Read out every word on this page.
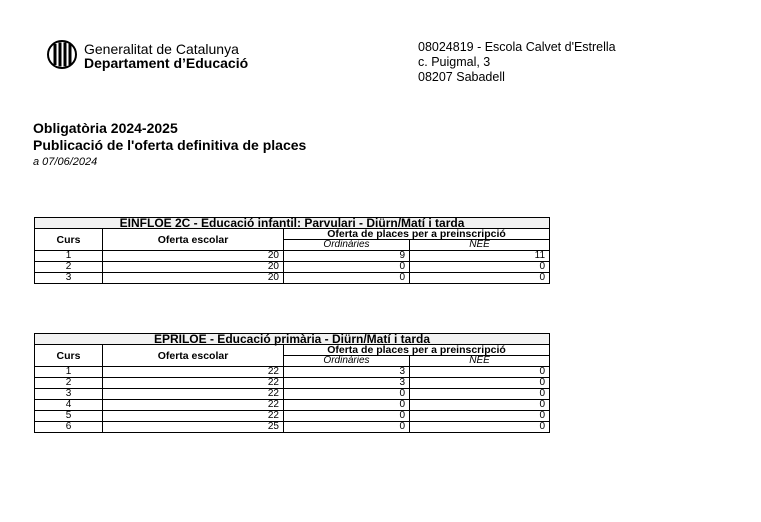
Generalitat de Catalunya
Departament d’Educació
08024819 - Escola Calvet d'Estrella
c. Puigmal, 3
08207 Sabadell
Obligatòria 2024-2025
Publicació de l'oferta definitiva de places
a 07/06/2024
EINFLOE 2C - Educació infantil: Parvulari - Diürn/Matí i tarda			
Curs	Oferta escolar	Oferta de places per a preinscripció	
		Ordinàries	NEE
1	20	9	11
2	20	0	0
3	20	0	0
EPRILOE - Educació primària - Diürn/Matí i tarda			
Curs	Oferta escolar	Oferta de places per a preinscripció	
		Ordinàries	NEE
1	22	3	0
2	22	3	0
3	22	0	0
4	22	0	0
5	22	0	0
6	25	0	0
